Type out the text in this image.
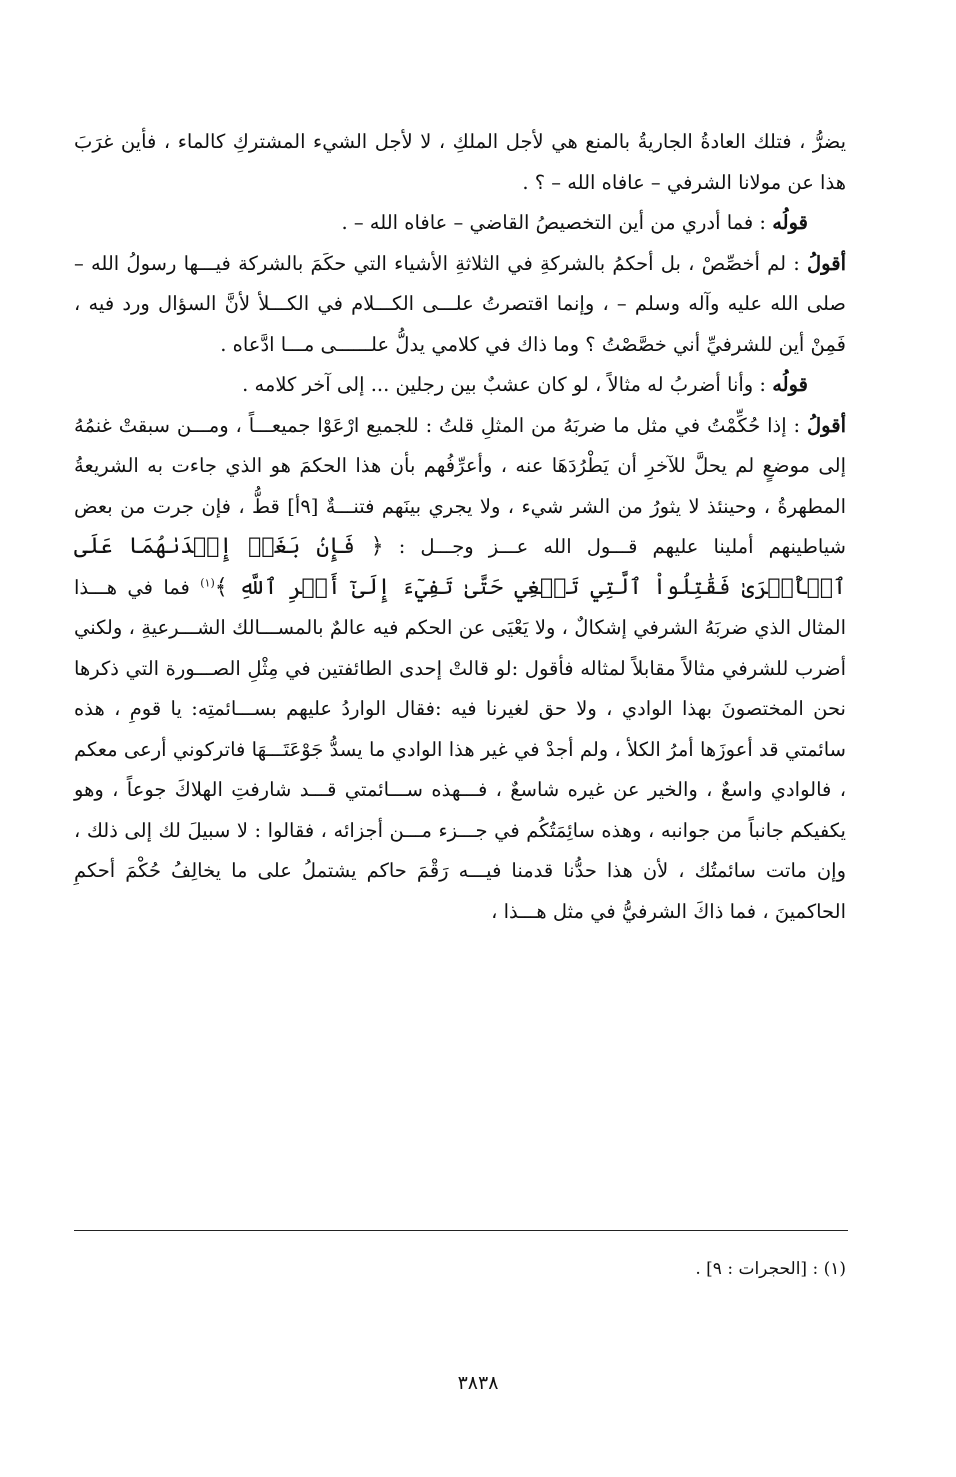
يضرُّ ، فتلك العادةُ الجاريةُ بالمنع هي لأجل الملكِ ، لا لأجل الشيء المشتركِ كالماء ، فأين غرَبَ هذا عن مولانا الشرفي – عافاه الله – ؟ .

قولُه : فما أدري من أين التخصيصُ القاضي – عافاه الله – .

أقولُ : لم أخصِّصْ ، بل أحكمُ بالشركةِ في الثلاثةِ الأشياء التي حكَمَ بالشركة فيـــها رسولُ الله – صلى الله عليه وآله وسلم – ، وإنما اقتصرتُ علـــى الكـــلام في الكـــلأ لأنَّ السؤال ورد فيه ، فَمِنْ أين للشرفيِّ أني خصَّصْتُ ؟ وما ذاك في كلامي يدلُّ علــــــى مـــا ادَّعاه .

قولُه : وأنا أضربُ له مثالاً ، لو كان عشبٌ بين رجلين ... إلى آخر كلامه .

أقولُ : إذا حُكِّمْتُ في مثل ما ضربَهُ من المثلِ قلتُ : للجميع ارْعَوْا جميعـــاً ، ومـــن سبقتْ غنمُهُ إلى موضعٍ لم يحلَّ للآخرِ أن يَطْرُدَهَا عنه ، وأعرِّفُهم بأن هذا الحكمَ هو الذي جاءت به الشريعةُ المطهرةُ ، وحينئذ لا يثورُ من الشر شيء ، ولا يجري بينَهم فتنـــةٌ [٩أ] قطُّ ، فإن جرت من بعض شياطينهم أملينا عليهم قـــول الله عـــز وجـــل : ﴿ فَإِنۢ بَغَتۡ إِحۡدَىٰهُمَا عَلَى ٱلۡأُخۡرَىٰ فَقَٰتِلُواْ ٱلَّتِي تَبۡغِي حَتَّىٰ تَفِيٓءَ إِلَىٰٓ أَمۡرِ ٱللَّهِ ﴾$^{(١)}$ فما في هـــذا المثال الذي ضربَهُ الشرفي إشكالٌ ، ولا يَعْيَى عن الحكم فيه عالمٌ بالمســـالك الشـــرعيةِ ، ولكني أضرب للشرفي مثالاً مقابلاً لمثاله فأقول :لو قالتْ إحدى الطائفتين في مِثْلِ الصـــورة التي ذكرها نحن المختصونَ بهذا الوادي ، ولا حق لغيرنا فيه :فقال الواردُ عليهم بســـائمتِه: يا قومِ ، هذه سائمتي قد أعوزَها أمرُ الكلأ ، ولم أجدْ في غير هذا الوادي ما يسدُّ جَوْعَتَـــهَا فاتركوني أرعى معكم ، فالوادي واسعٌ ، والخير عن غيره شاسعٌ ، فـــهذه ســـائمتي قـــد شارفتِ الهلاكَ جوعاً ، وهو يكفيكم جانباً من جوانبه ، وهذه سائِمَتُكُم في جـــزء مـــن أجزائه ، فقالوا : لا سبيلَ لك إلى ذلك ، وإن ماتت سائمتُك ، لأن هذا حدُّنا قدمنا فيـــه رَقْمَ حاكم يشتملُ على ما يخالِفُ حُكْمَ أحكمِ الحاكمينَ ، فما ذاكَ الشرفيُّ في مثل هـــذا ،

(١) : [الحجرات : ٩] .
٣٨٣٨
